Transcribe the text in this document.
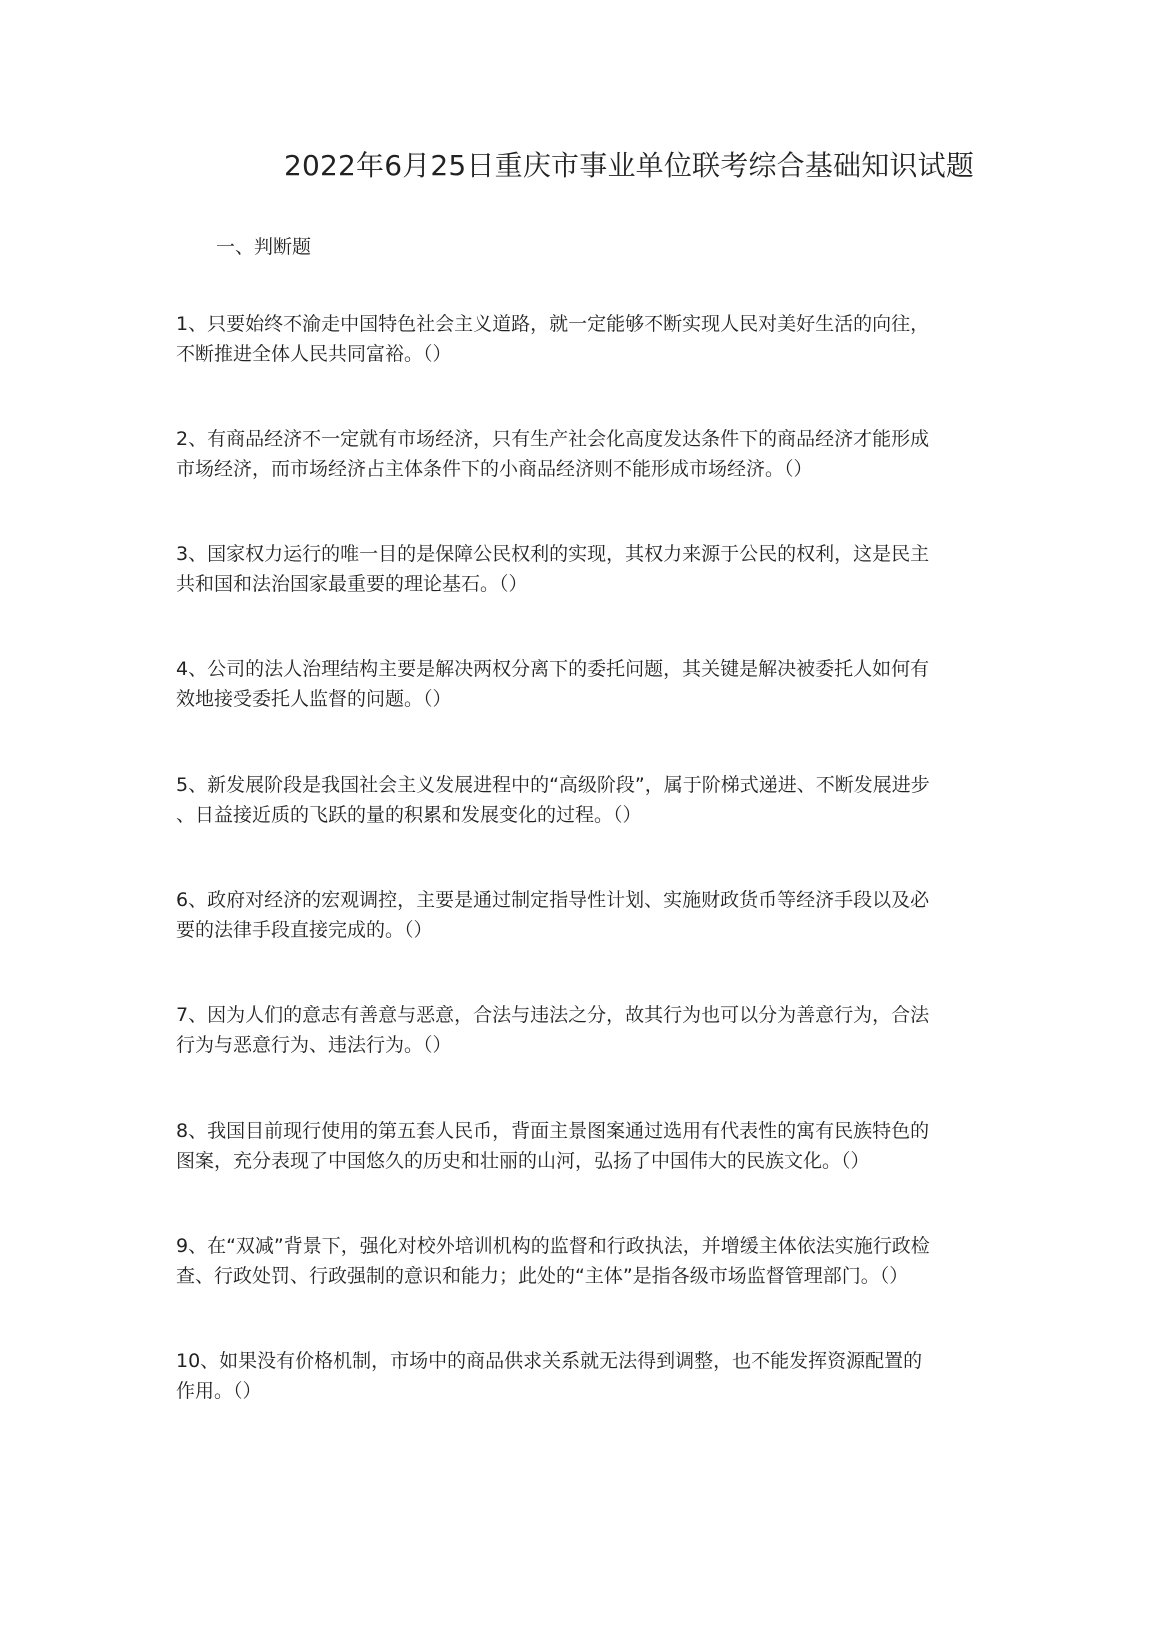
2022年6月25日重庆市事业单位联考综合基础知识试题
一、判断题
1、只要始终不渝走中国特色社会主义道路，就一定能够不断实现人民对美好生活的向往，
不断推进全体人民共同富裕。（）
2、有商品经济不一定就有市场经济，只有生产社会化高度发达条件下的商品经济才能形成
市场经济，而市场经济占主体条件下的小商品经济则不能形成市场经济。（）
3、国家权力运行的唯一目的是保障公民权利的实现，其权力来源于公民的权利，这是民主
共和国和法治国家最重要的理论基石。（）
4、公司的法人治理结构主要是解决两权分离下的委托问题，其关键是解决被委托人如何有
效地接受委托人监督的问题。（）
5、新发展阶段是我国社会主义发展进程中的“高级阶段”，属于阶梯式递进、不断发展进步
、日益接近质的飞跃的量的积累和发展变化的过程。（）
6、政府对经济的宏观调控，主要是通过制定指导性计划、实施财政货币等经济手段以及必
要的法律手段直接完成的。（）
7、因为人们的意志有善意与恶意，合法与违法之分，故其行为也可以分为善意行为，合法
行为与恶意行为、违法行为。（）
8、我国目前现行使用的第五套人民币，背面主景图案通过选用有代表性的寓有民族特色的
图案，充分表现了中国悠久的历史和壮丽的山河，弘扬了中国伟大的民族文化。（）
9、在“双减”背景下，强化对校外培训机构的监督和行政执法，并增缓主体依法实施行政检
查、行政处罚、行政强制的意识和能力；此处的“主体”是指各级市场监督管理部门。（）
10、如果没有价格机制，市场中的商品供求关系就无法得到调整，也不能发挥资源配置的
作用。（）
